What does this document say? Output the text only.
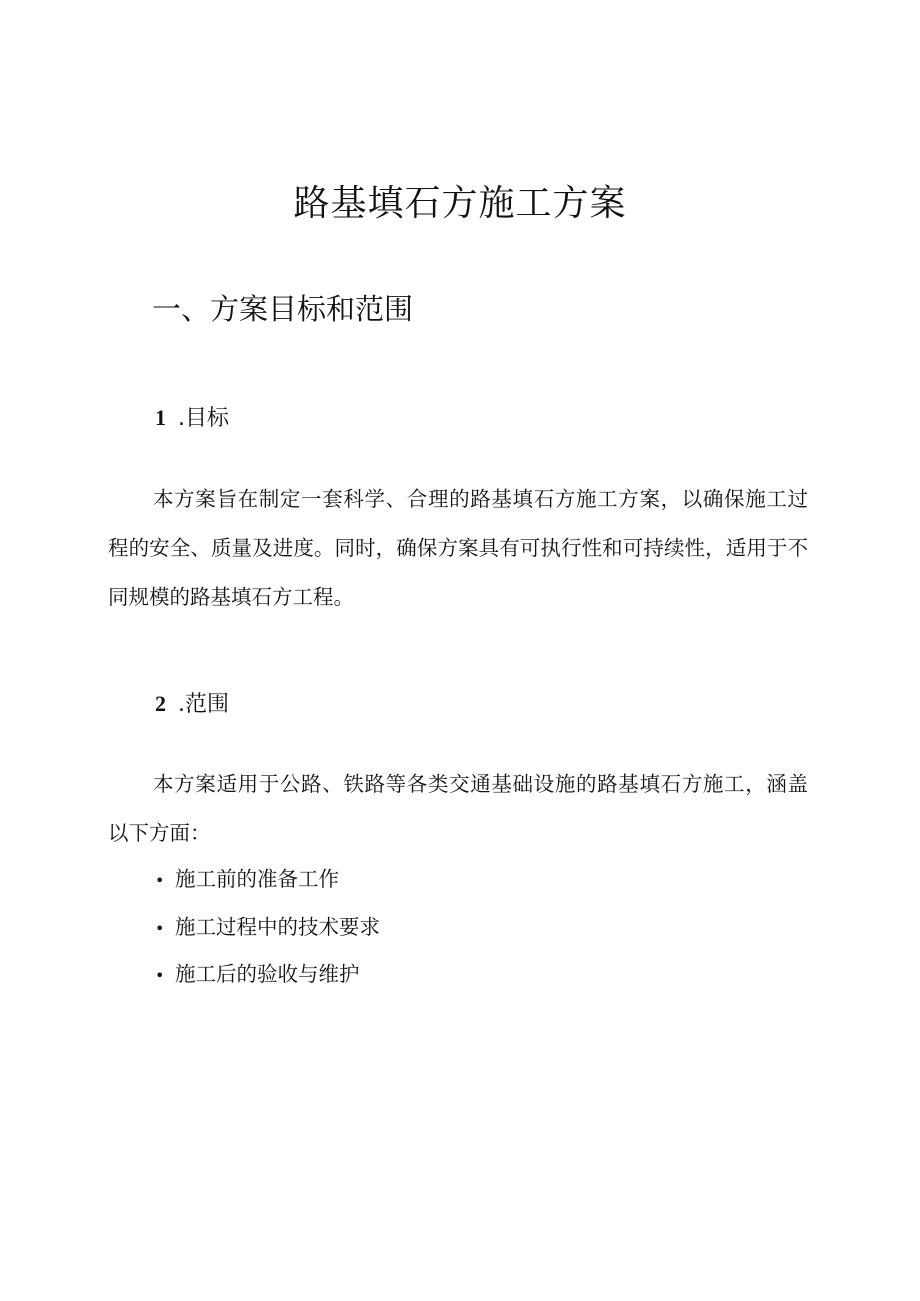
路基填石方施工方案
一、方案目标和范围
1 .目标

本方案旨在制定一套科学、合理的路基填石方施工方案，以确保施工过程的安全、质量及进度。同时，确保方案具有可执行性和可持续性，适用于不同规模的路基填石方工程。

2 .范围

本方案适用于公路、铁路等各类交通基础设施的路基填石方施工，涵盖以下方面：

• 施工前的准备工作
• 施工过程中的技术要求
• 施工后的验收与维护
